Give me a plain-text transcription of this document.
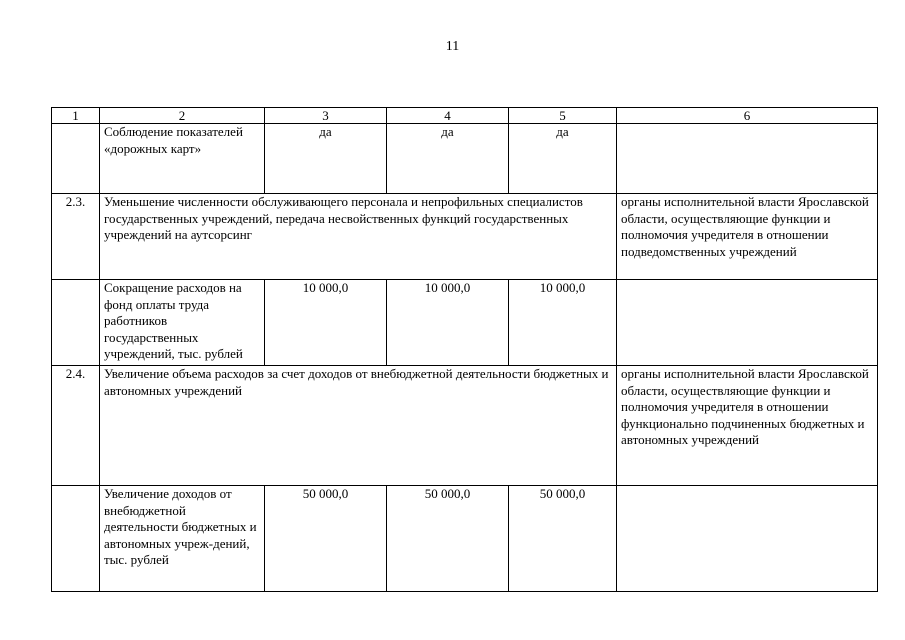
11
1	2	3	4	5	6
	Соблюдение показателей «дорожных карт»	да	да	да	
2.3.	Уменьшение численности обслуживающего персонала и непрофильных специалистов государственных учреждений, передача несвойственных функций государственных учреждений на аутсорсинг				органы исполнительной власти Ярославской области, осуществляющие функции и полномочия учредителя в отношении подведомственных учреждений
	Сокращение расходов на фонд оплаты труда работников государственных учреждений, тыс. рублей	10 000,0	10 000,0	10 000,0	
2.4.	Увеличение объема расходов за счет доходов от внебюджетной деятельности бюджетных и автономных учреждений				органы исполнительной власти Ярославской области, осуществляющие функции и полномочия учредителя в отношении функционально подчиненных бюджетных и автономных учреждений
	Увеличение доходов от внебюджетной деятельности бюджетных и автономных учреж-дений, тыс. рублей	50 000,0	50 000,0	50 000,0	
